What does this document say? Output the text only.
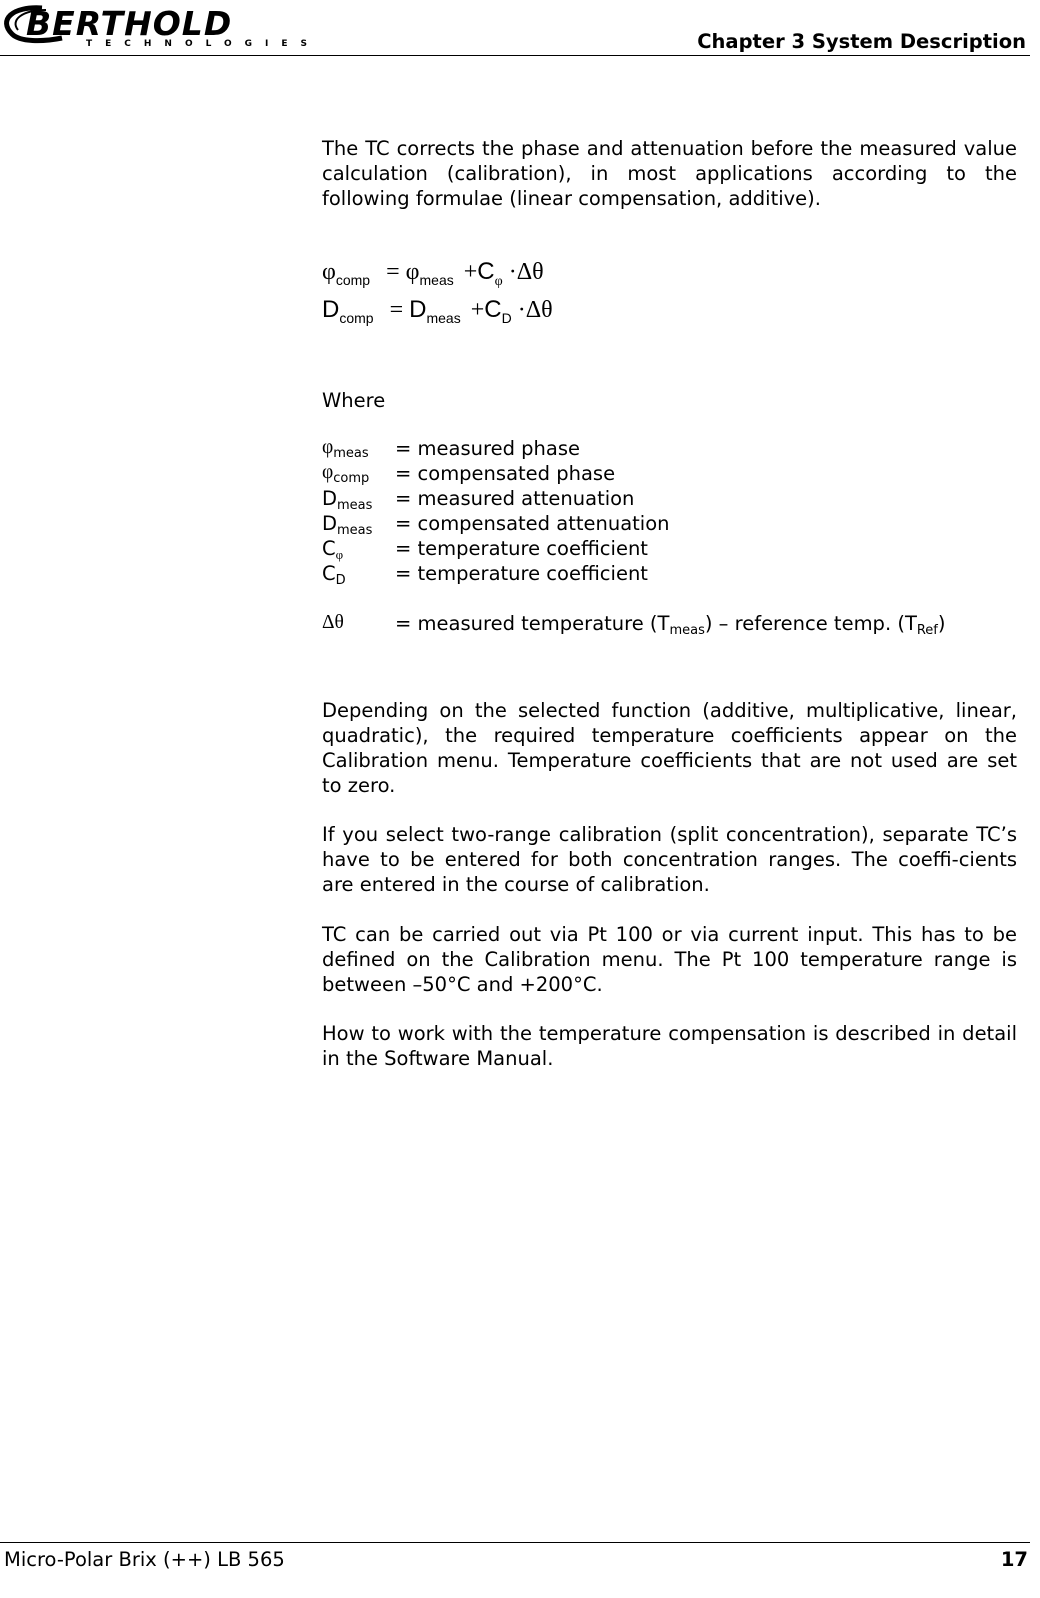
BERTHOLD
TECHNOLOGIES	Chapter 3 System Description

The TC corrects the phase and attenuation before the measured value calculation (calibration), in most applications according to the following formulae (linear compensation, additive).

$\varphi_{comp} = \varphi_{meas} +C_\varphi \cdot\Delta\theta$
$D_{comp} = D_{meas} +C_D \cdot\Delta\theta$
Where
$\varphi_{meas}$ = measured phase
$\varphi_{comp}$ = compensated phase
$D_{meas}$ = measured attenuation
$D_{meas}$ = compensated attenuation
$C_\varphi$	= temperature coefficient
$C_D$	= temperature coefficient
Δθ	= measured temperature $(T_{meas})$ – reference temp. $(T_{Ref})$

Depending on the selected function (additive, multiplicative, linear, quadratic), the required temperature coefficients appear on the Calibration menu. Temperature coefficients that are not used are set to zero.

If you select two-range calibration (split concentration), separate TC’s have to be entered for both concentration ranges. The coeffi-cients are entered in the course of calibration.

TC can be carried out via Pt 100 or via current input. This has to be defined on the Calibration menu. The Pt 100 temperature range is between –50°C and +200°C.

How to work with the temperature compensation is described in detail in the Software Manual.

Micro-Polar Brix (++) LB 565	17
